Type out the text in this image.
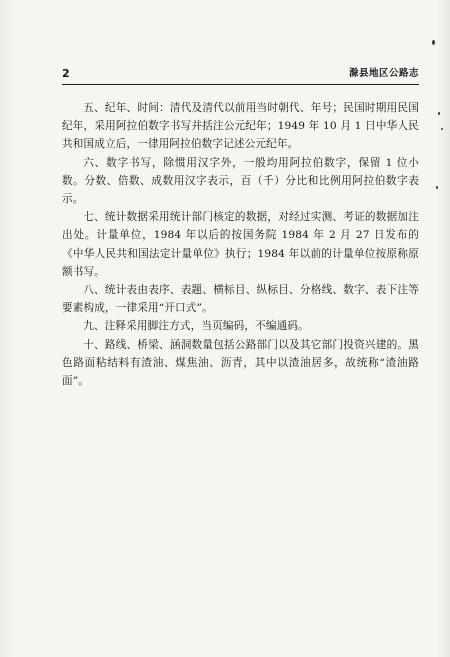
2	滁县地区公路志

五、纪年、时间：清代及清代以前用当时朝代、年号；民国时期用民国纪年，采用阿拉伯数字书写并括注公元纪年；1949 年 10 月 1 日中华人民共和国成立后，一律用阿拉伯数字记述公元纪年。

六、数字书写，除惯用汉字外，一般均用阿拉伯数字，保留 1 位小数。分数、倍数、成数用汉字表示，百（千）分比和比例用阿拉伯数字表示。

七、统计数据采用统计部门核定的数据，对经过实测、考证的数据加注出处。计量单位，1984 年以后的按国务院 1984 年 2 月 27 日发布的《中华人民共和国法定计量单位》执行；1984 年以前的计量单位按原称原额书写。

八、统计表由表序、表题、横标目、纵标目、分格线、数字、表下注等要素构成，一律采用“开口式”。

九、注释采用脚注方式，当页编码，不编通码。

十、路线、桥梁、涵洞数量包括公路部门以及其它部门投资兴建的。黑色路面粘结料有渣油、煤焦油、沥青，其中以渣油居多，故统称“渣油路面”。
